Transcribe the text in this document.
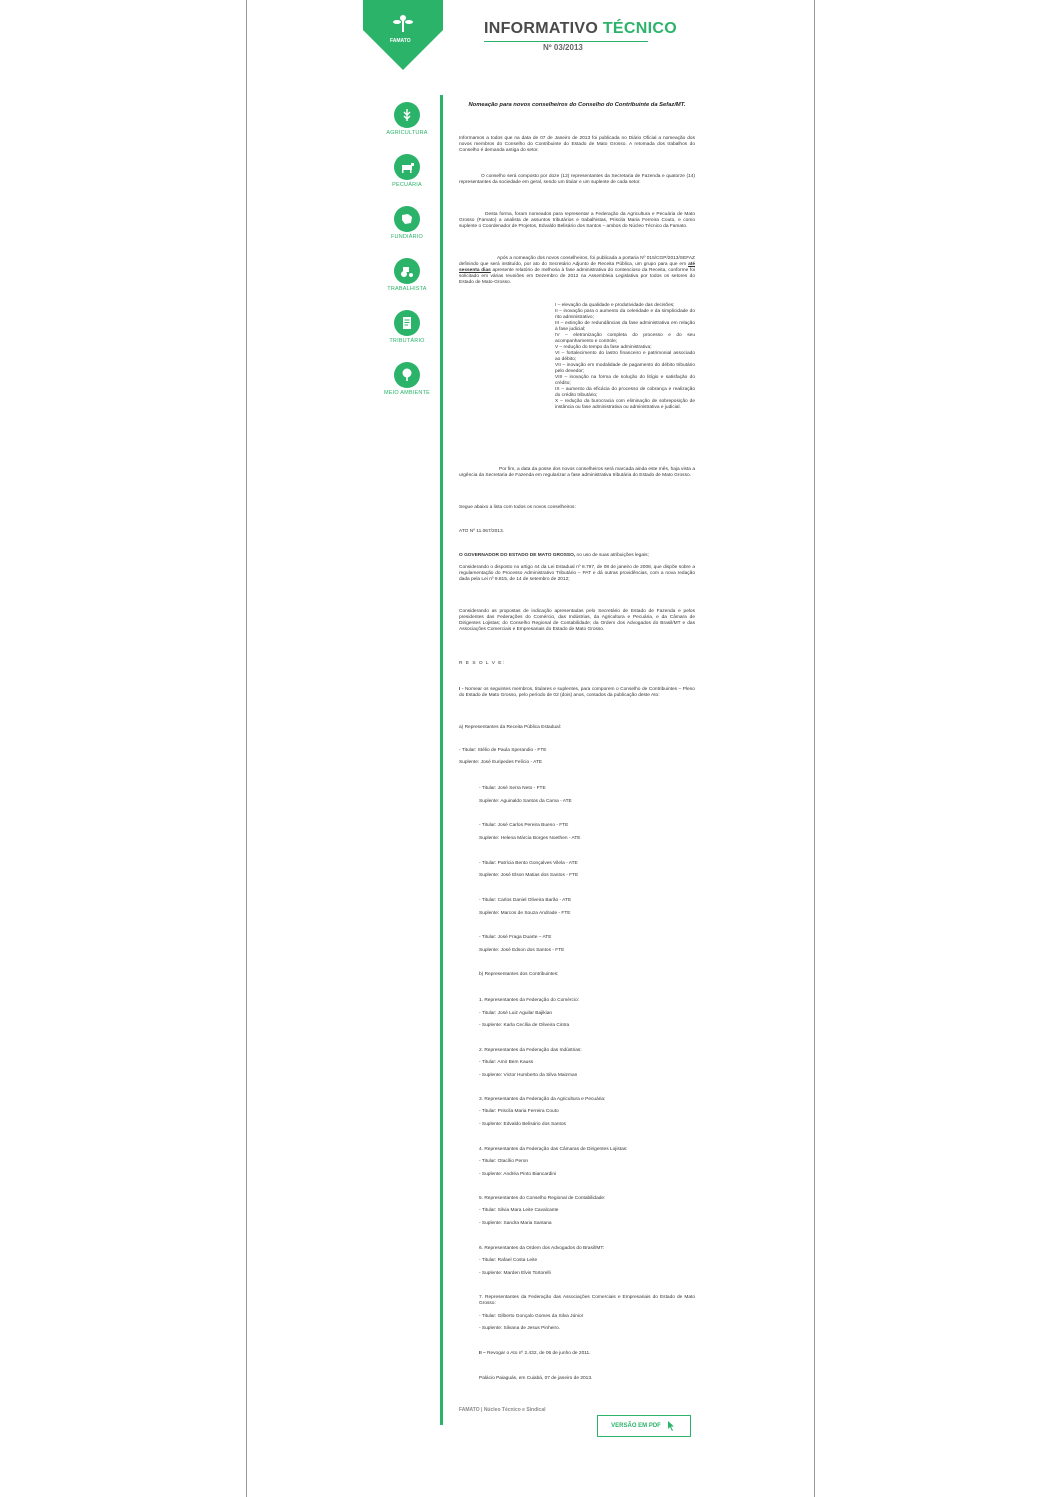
FAMATO
INFORMATIVO TÉCNICO
Nº 03/2013
AGRICULTURA
PECUÁRIA
FUNDIÁRIO
TRABALHISTA
TRIBUTÁRIO
MEIO AMBIENTE
Nomeação para novos conselheiros do Conselho do Contribuinte da Sefaz/MT.
Informamos a todos que na data de 07 de Janeiro de 2013 foi publicada no Diário Oficial a nomeação dos novos membros do Conselho do Contribuinte do Estado de Mato Grosso. A retomada dos trabalhos do Conselho é demanda antiga do setor.
O conselho será composto por doze (12) representantes da Secretaria de Fazenda e quatorze (14) representantes da sociedade em geral, sendo um titular e um suplente de cada setor.
Desta forma, foram nomeados para representar a Federação da Agricultura e Pecuária de Mato Grosso (Famato) a analista de assuntos tributários e trabalhistas, Priscila Maria Ferreira Couto, e como suplente o Coordenador de Projetos, Edvaldo Belisário dos Santos – ambos do Núcleo Técnico da Famato.
Após a nomeação dos novos conselheiros, foi publicada a portaria Nº 015/CGP/2013/SEFAZ definindo que será instituído, por ato do Secretário Adjunto de Receita Pública, um grupo para que em até sessenta dias apresente relatório de melhoria à fase administrativa do contencioso da Receita, conforme foi solicitado em várias reuniões em Dezembro de 2012 na Assembleia Legislativa por todos os setores do Estado de Mato-Grosso.
I – elevação da qualidade e produtividade das decisões;
II – inovação para o aumento da celeridade e da simplicidade do rito administrativo;
III – extinção de redundâncias da fase administrativa em relação à fase judicial;
IV – eletronização completa do processo e do seu acompanhamento e controle;
V – redução do tempo da fase administrativa;
VI – fortalecimento do lastro financeiro e patrimonial associado ao débito;
VII – inovação em modalidade de pagamento do débito tributário pelo devedor;
VIII – inovação na forma de solução do litígio e satisfação do crédito;
IX – aumento da eficácia do processo de cobrança e realização do crédito tributário;
X – redução da burocracia com eliminação de sobreposição de instância ou fase administrativa ou administrativa e judicial.
Por fim, a data da posse dos novos conselheiros será marcada ainda este mês, haja vista a urgência da Secretaria de Fazenda em regularizar a fase administrativa tributária do Estado de Mato Grosso.
Segue abaixo a lista com todos os novos conselheiros:
ATO Nº 11.067/2013.
O GOVERNADOR DO ESTADO DE MATO GROSSO, no uso de suas atribuições legais;
Considerando o disposto no artigo 44 da Lei Estadual nº 8.797, de 08 de janeiro de 2008, que dispõe sobre a regulamentação do Processo Administrativo Tributário – PAT e dá outras providências, com a nova redação dada pela Lei nº 9.815, de 14 de setembro de 2012;
Considerando as propostas de indicação apresentadas pelo Secretário de Estado de Fazenda e pelos presidentes das Federações do Comércio, das Indústrias, da Agricultura e Pecuária, e da Câmara de Dirigentes Lojistas; do Conselho Regional de Contabilidade; da Ordem dos Advogados do Brasil/MT e das Associações Comerciais e Empresariais do Estado de Mato Grosso.
R E S O L V E:
I - Nomear os seguintes membros, titulares e suplentes, para comporem o Conselho de Contribuintes – Pleno do Estado de Mato Grosso, pelo período de 02 (dois) anos, contados da publicação deste Ato:
a) Representantes da Receita Pública Estadual:
- Titular: Stélio de Paula Sperandio - FTE
Suplente: José Euripedes Felício - ATE
- Titular: José Serra Neto - FTE
Suplente: Aguinaldo Santos da Cama - ATE
- Titular: José Carlos Pereira Bueno - FTE
Suplente: Helena Márcia Borges Noethen - ATE
- Titular: Patrícia Bento Gonçalves Vilela - ATE
Suplente: José Elson Matias dos Santos - FTE
- Titular: Carlos Daniel Oliveira Barão - ATE
Suplente: Marcos de Souza Andrade - FTE
- Titular: José Fraga Duarte – ATE
Suplente: José Edson dos Santos - FTE
b) Representantes dos Contribuintes:
1. Representantes da Federação do Comércio:
- Titular: José Luiz Aguilar Bajikian
- Suplente: Karla Cecília de Oliveira Cintra
2. Representantes da Federação das Indústrias:
- Titular: Amir Bem Kauss
- Suplente: Victor Humberto da Silva Maizman
3. Representantes da Federação da Agricultura e Pecuária:
- Titular: Priscila Maria Ferreira Couto
- Suplente: Edvaldo Belisário dos Santos
4. Representantes da Federação das Câmaras de Dirigentes Lojistas:
- Titular: Otacílio Peron
- Suplente: Andréa Pinto Biancardini
5. Representantes do Conselho Regional de Contabilidade:
- Titular: Silvia Mara Leite Cavalcante
- Suplente: Sandra Maria Santana
6. Representantes da Ordem dos Advogados do Brasil/MT:
- Titular: Rafael Costa Leite
- Suplente: Marden Elvis Tortorelli
7. Representantes da Federação das Associações Comerciais e Empresariais do Estado de Mato Grosso:
- Titular: Gilberto Gonçalo Gomes da Silva Júnior
- Suplente: Silvana de Jesus Pinheiro.
II – Revogar o Ato nº 2.432, de 06 de junho de 2011.
Palácio Paiaguás, em Cuiabá, 07 de janeiro de 2013.
FAMATO | Núcleo Técnico e Sindical
VERSÃO EM PDF
